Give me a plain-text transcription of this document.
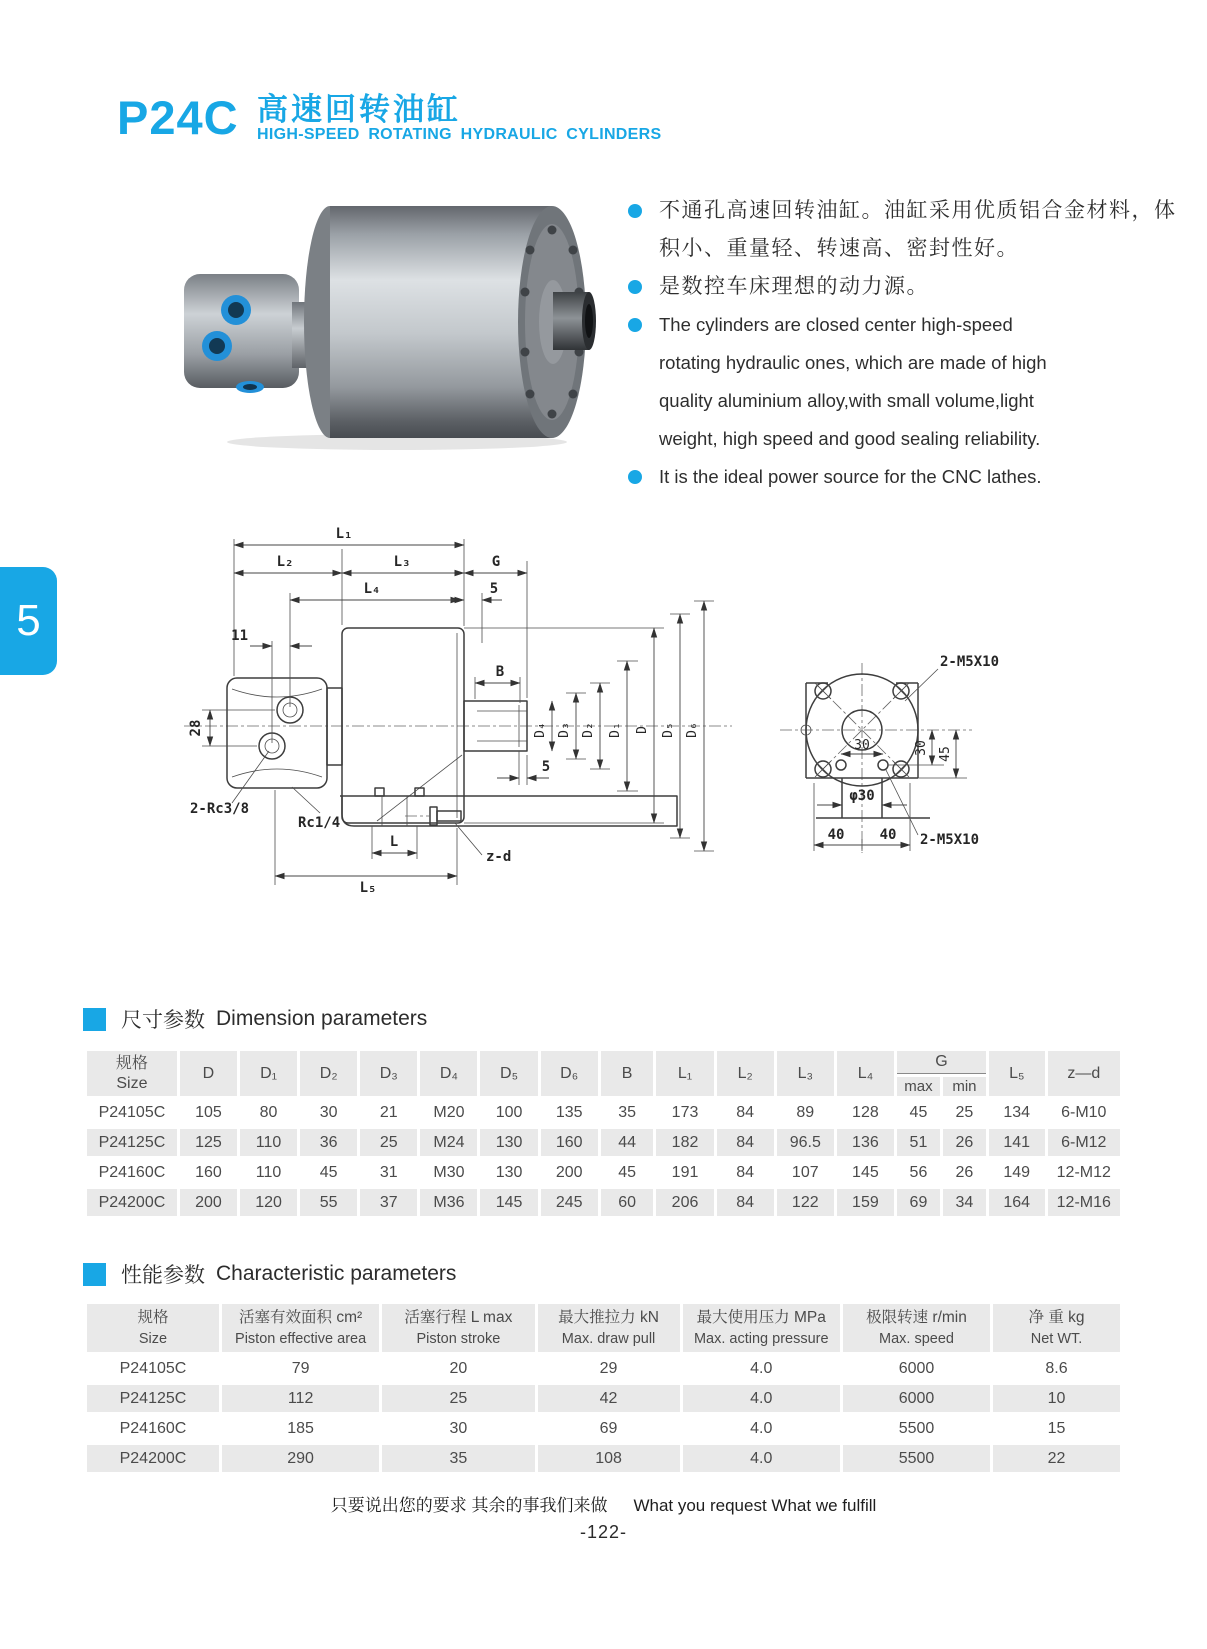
P24C 高速回转油缸
HIGH-SPEED ROTATING HYDRAULIC CYLINDERS
5
不通孔高速回转油缸。油缸采用优质铝合金材料，体积小、重量轻、转速高、密封性好。
是数控车床理想的动力源。
The cylinders are closed center high-speed rotating hydraulic ones, which are made of high quality aluminium alloy,with small volume,light weight, high speed and good sealing reliability.
It is the ideal power source for the CNC lathes.
L₁
L₂	L₃	G
L₄	5
11
B
5
28
L
L₅
D₄ D₃ D₂ D₁ D D₅ D₆
2-Rc3/8
Rc1/4
z-d
30
φ30
40	40
30 45
2-M5X10
2-M5X10
尺寸参数 Dimension parameters
规格
Size	D	D₁	D₂	D₃	D₄	D₅	D₆	B	L₁	L₂	L₃	L₄	G		L₅	z—d
													max	min		
P24105C	105	80	30	21	M20	100	135	35	173	84	89	128	45	25	134	6-M10
P24125C	125	110	36	25	M24	130	160	44	182	84	96.5	136	51	26	141	6-M12
P24160C	160	110	45	31	M30	130	200	45	191	84	107	145	56	26	149	12-M12
P24200C	200	120	55	37	M36	145	245	60	206	84	122	159	69	34	164	12-M16
性能参数 Characteristic parameters
规格
Size

活塞有效面积 cm²
Piston effective area

活塞行程 L max
Piston stroke

最大推拉力 kN
Max. draw pull

最大使用压力 MPa
Max. acting pressure

极限转速 r/min
Max. speed

净 重 kg
Net WT.

P24105C	79	20	29	4.0	6000	8.6
P24125C	112	25	42	4.0	6000	10
P24160C	185	30	69	4.0	5500	15
P24200C	290	35	108	4.0	5500	22
只要说出您的要求 其余的事我们来做 What you request What we fulfill
-122-
